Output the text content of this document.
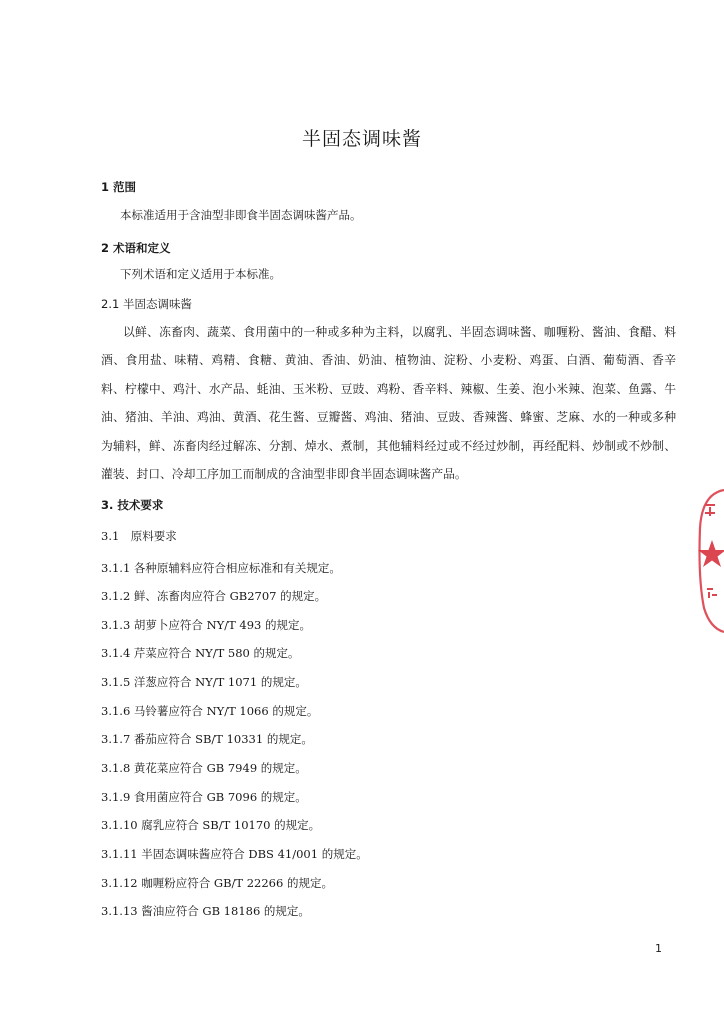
半固态调味酱
1 范围
本标准适用于含油型非即食半固态调味酱产品。
2 术语和定义
下列术语和定义适用于本标准。
2.1 半固态调味酱
以鲜、冻畜肉、蔬菜、食用菌中的一种或多种为主料，以腐乳、半固态调味酱、咖喱粉、酱油、食醋、料酒、食用盐、味精、鸡精、食糖、黄油、香油、奶油、植物油、淀粉、小麦粉、鸡蛋、白酒、葡萄酒、香辛料、柠檬中、鸡汁、水产品、蚝油、玉米粉、豆豉、鸡粉、香辛料、辣椒、生姜、泡小米辣、泡菜、鱼露、牛油、猪油、羊油、鸡油、黄酒、花生酱、豆瓣酱、鸡油、猪油、豆豉、香辣酱、蜂蜜、芝麻、水的一种或多种为辅料，鲜、冻畜肉经过解冻、分割、焯水、煮制，其他辅料经过或不经过炒制，再经配料、炒制或不炒制、灌装、封口、冷却工序加工而制成的含油型非即食半固态调味酱产品。
3. 技术要求
3.1　原料要求
3.1.1 各种原辅料应符合相应标准和有关规定。
3.1.2 鲜、冻畜肉应符合 GB2707 的规定。
3.1.3 胡萝卜应符合 NY/T 493 的规定。
3.1.4 芹菜应符合 NY/T 580 的规定。
3.1.5 洋葱应符合 NY/T 1071 的规定。
3.1.6 马铃薯应符合 NY/T 1066 的规定。
3.1.7 番茄应符合 SB/T 10331 的规定。
3.1.8 黄花菜应符合 GB 7949 的规定。
3.1.9 食用菌应符合 GB 7096 的规定。
3.1.10 腐乳应符合 SB/T 10170 的规定。
3.1.11 半固态调味酱应符合 DBS 41/001 的规定。
3.1.12 咖喱粉应符合 GB/T 22266 的规定。
3.1.13 酱油应符合 GB 18186 的规定。
1
